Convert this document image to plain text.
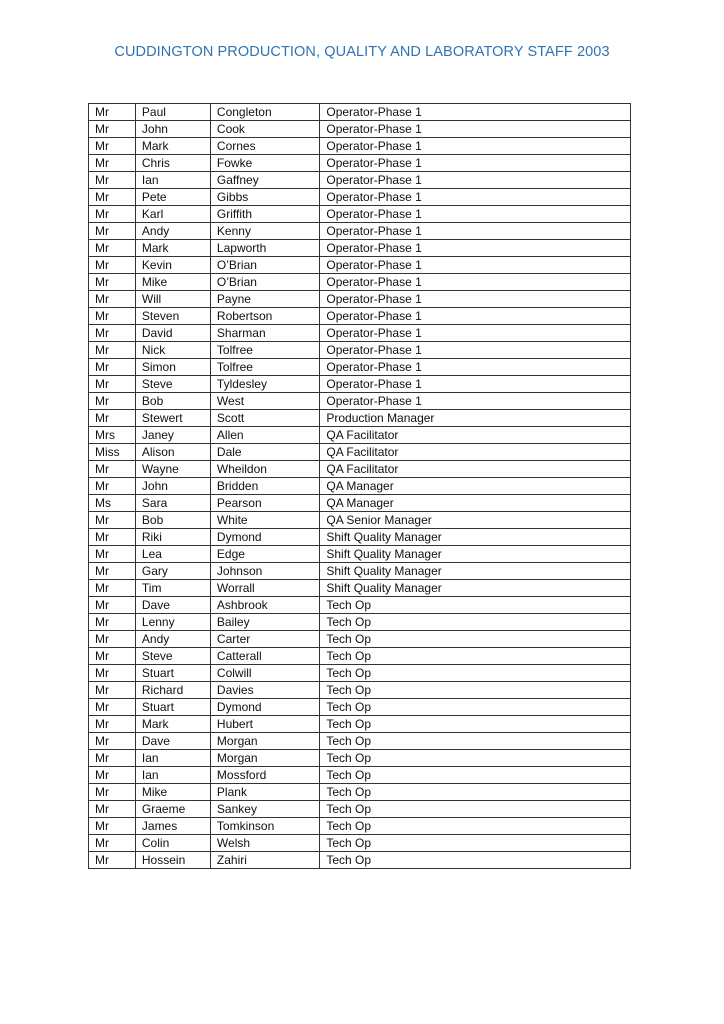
CUDDINGTON PRODUCTION, QUALITY AND LABORATORY STAFF 2003
Mr	Paul	Congleton	Operator-Phase 1
Mr	John	Cook	Operator-Phase 1
Mr	Mark	Cornes	Operator-Phase 1
Mr	Chris	Fowke	Operator-Phase 1
Mr	Ian	Gaffney	Operator-Phase 1
Mr	Pete	Gibbs	Operator-Phase 1
Mr	Karl	Griffith	Operator-Phase 1
Mr	Andy	Kenny	Operator-Phase 1
Mr	Mark	Lapworth	Operator-Phase 1
Mr	Kevin	O’Brian	Operator-Phase 1
Mr	Mike	O’Brian	Operator-Phase 1
Mr	Will	Payne	Operator-Phase 1
Mr	Steven	Robertson	Operator-Phase 1
Mr	David	Sharman	Operator-Phase 1
Mr	Nick	Tolfree	Operator-Phase 1
Mr	Simon	Tolfree	Operator-Phase 1
Mr	Steve	Tyldesley	Operator-Phase 1
Mr	Bob	West	Operator-Phase 1
Mr	Stewert	Scott	Production Manager
Mrs	Janey	Allen	QA Facilitator
Miss	Alison	Dale	QA Facilitator
Mr	Wayne	Wheildon	QA Facilitator
Mr	John	Bridden	QA Manager
Ms	Sara	Pearson	QA Manager
Mr	Bob	White	QA Senior Manager
Mr	Riki	Dymond	Shift Quality Manager
Mr	Lea	Edge	Shift Quality Manager
Mr	Gary	Johnson	Shift Quality Manager
Mr	Tim	Worrall	Shift Quality Manager
Mr	Dave	Ashbrook	Tech Op
Mr	Lenny	Bailey	Tech Op
Mr	Andy	Carter	Tech Op
Mr	Steve	Catterall	Tech Op
Mr	Stuart	Colwill	Tech Op
Mr	Richard	Davies	Tech Op
Mr	Stuart	Dymond	Tech Op
Mr	Mark	Hubert	Tech Op
Mr	Dave	Morgan	Tech Op
Mr	Ian	Morgan	Tech Op
Mr	Ian	Mossford	Tech Op
Mr	Mike	Plank	Tech Op
Mr	Graeme	Sankey	Tech Op
Mr	James	Tomkinson	Tech Op
Mr	Colin	Welsh	Tech Op
Mr	Hossein	Zahiri	Tech Op
